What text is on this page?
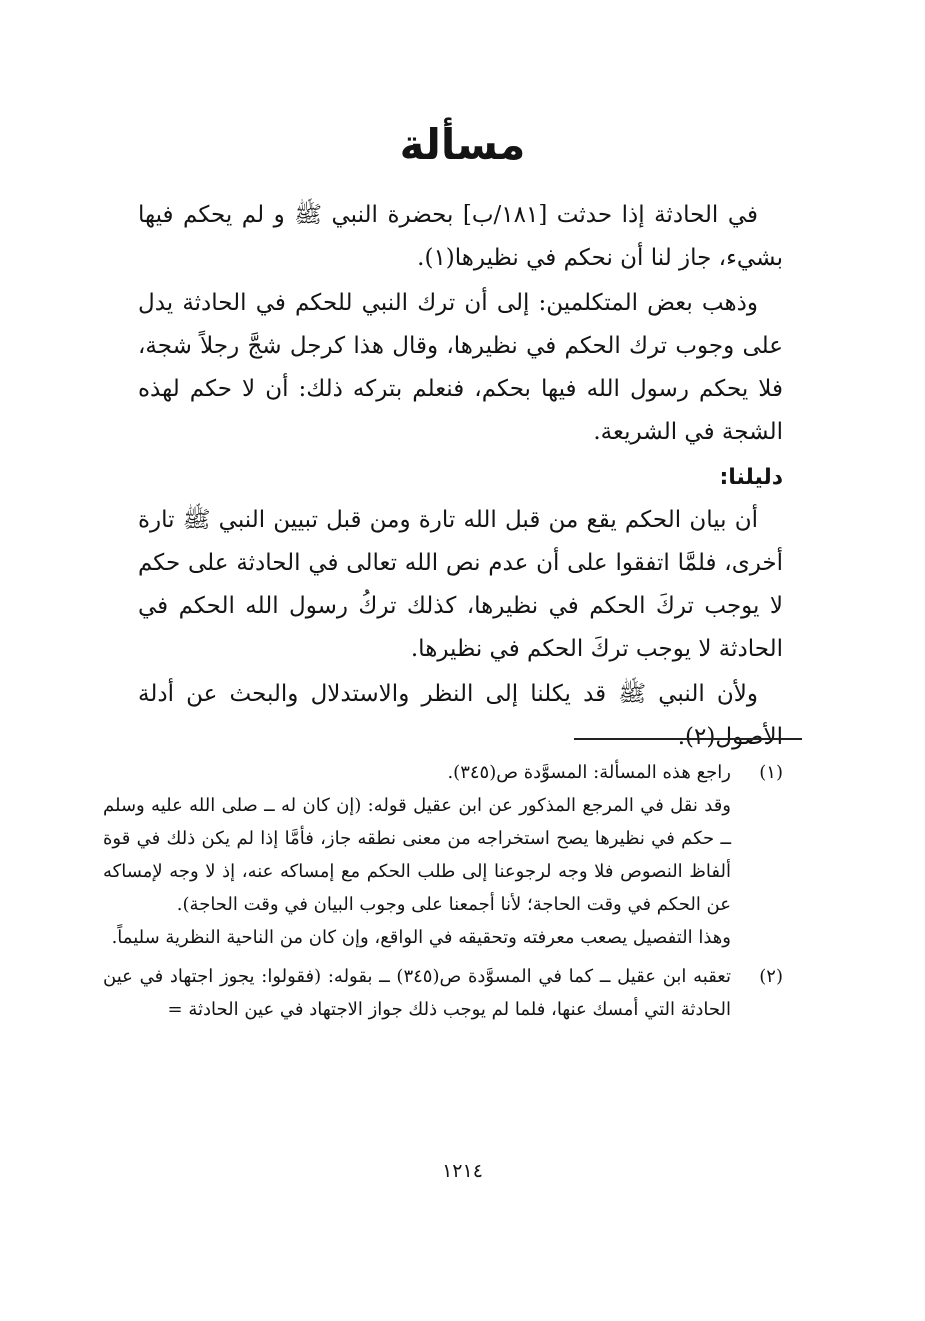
مسألة

في الحادثة إذا حدثت [١٨١/ب] بحضرة النبي ﷺ و لم يحكم فيها بشيء، جاز لنا أن نحكم في نظيرها(١).

وذهب بعض المتكلمين: إلى أن ترك النبي للحكم في الحادثة يدل على وجوب ترك الحكم في نظيرها، وقال هذا كرجل شجَّ رجلاً شجة، فلا يحكم رسول الله فيها بحكم، فنعلم بتركه ذلك: أن لا حكم لهذه الشجة في الشريعة.

دليلنا:

أن بيان الحكم يقع من قبل الله تارة ومن قبل تبيين النبي ﷺ تارة أخرى، فلمَّا اتفقوا على أن عدم نص الله تعالى في الحادثة على حكم لا يوجب تركَ الحكم في نظيرها، كذلك تركُ رسول الله الحكم في الحادثة لا يوجب تركَ الحكم في نظيرها.

ولأن النبي ﷺ قد يكلنا إلى النظر والاستدلال والبحث عن أدلة الأصول(٢).

(١)

راجع هذه المسألة: المسوَّدة ص(٣٤٥).

وقد نقل في المرجع المذكور عن ابن عقيل قوله: (إن كان له ــ صلى الله عليه وسلم ــ حكم في نظيرها يصح استخراجه من معنى نطقه جاز، فأمَّا إذا لم يكن ذلك في قوة ألفاظ النصوص فلا وجه لرجوعنا إلى طلب الحكم مع إمساكه عنه، إذ لا وجه لإمساكه عن الحكم في وقت الحاجة؛ لأنا أجمعنا على وجوب البيان في وقت الحاجة).

وهذا التفصيل يصعب معرفته وتحقيقه في الواقع، وإن كان من الناحية النظرية سليماً.

(٢)

تعقبه ابن عقيل ــ كما في المسوَّدة ص(٣٤٥) ــ بقوله: (فقولوا: يجوز اجتهاد في عين الحادثة التي أمسك عنها، فلما لم يوجب ذلك جواز الاجتهاد في عين الحادثة =

١٢١٤
